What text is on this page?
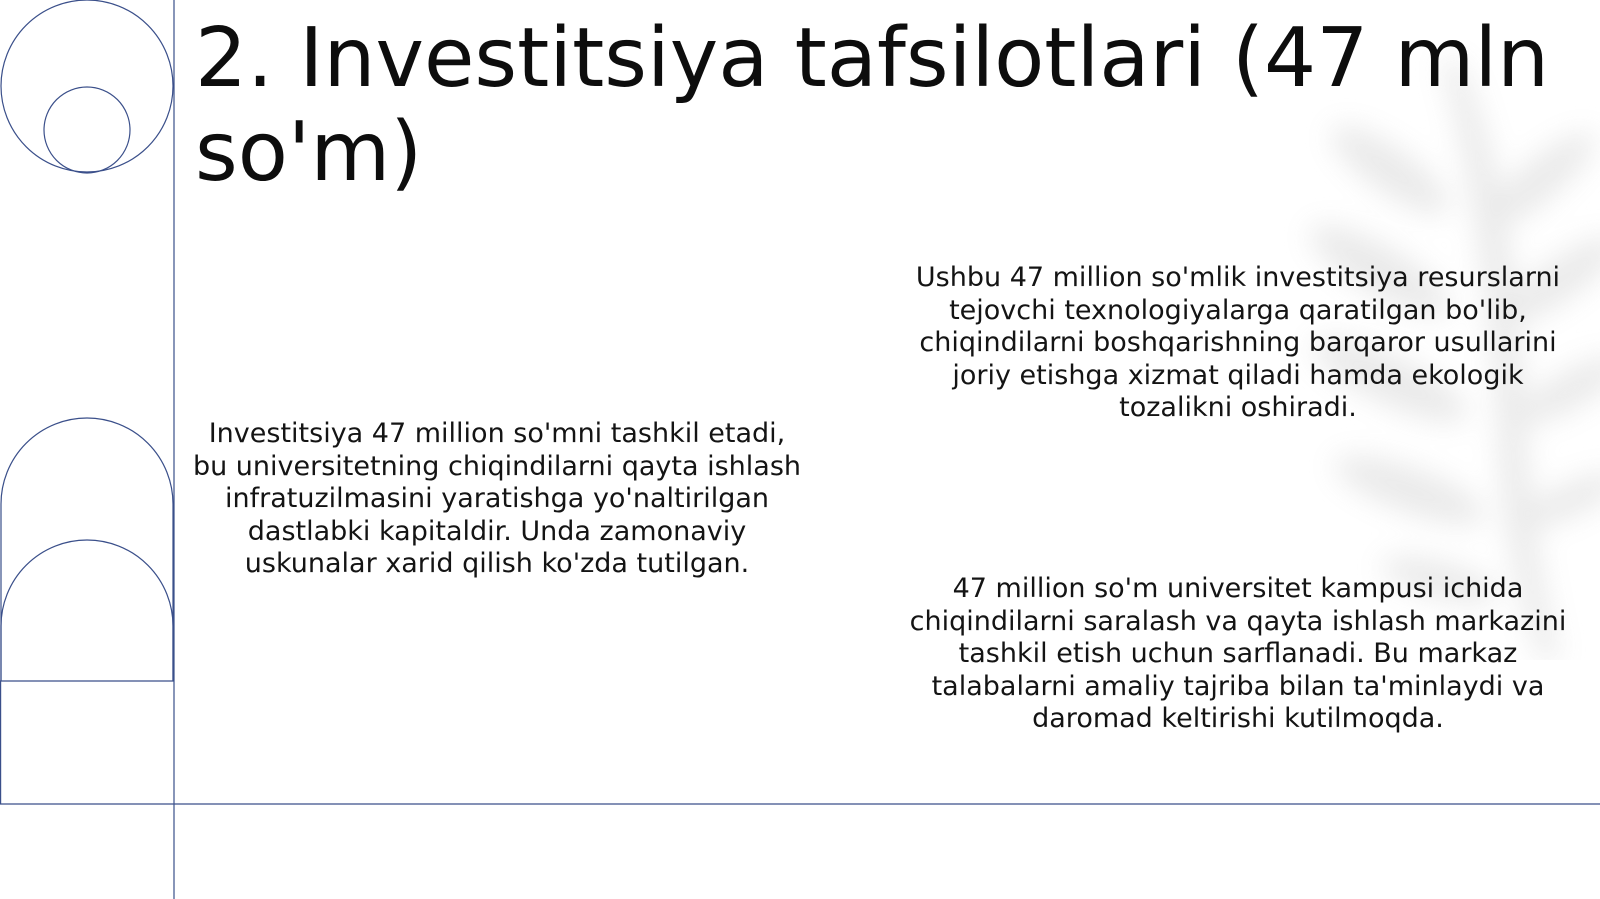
2. Investitsiya tafsilotlari (47 mln so'm)

Investitsiya 47 million so'mni tashkil etadi, bu universitetning chiqindilarni qayta ishlash infratuzilmasini yaratishga yo'naltirilgan dastlabki kapitaldir. Unda zamonaviy uskunalar xarid qilish ko'zda tutilgan.

Ushbu 47 million so'mlik investitsiya resurslarni tejovchi texnologiyalarga qaratilgan bo'lib, chiqindilarni boshqarishning barqaror usullarini joriy etishga xizmat qiladi hamda ekologik tozalikni oshiradi.

47 million so'm universitet kampusi ichida chiqindilarni saralash va qayta ishlash markazini tashkil etish uchun sarflanadi. Bu markaz talabalarni amaliy tajriba bilan ta'minlaydi va daromad keltirishi kutilmoqda.
